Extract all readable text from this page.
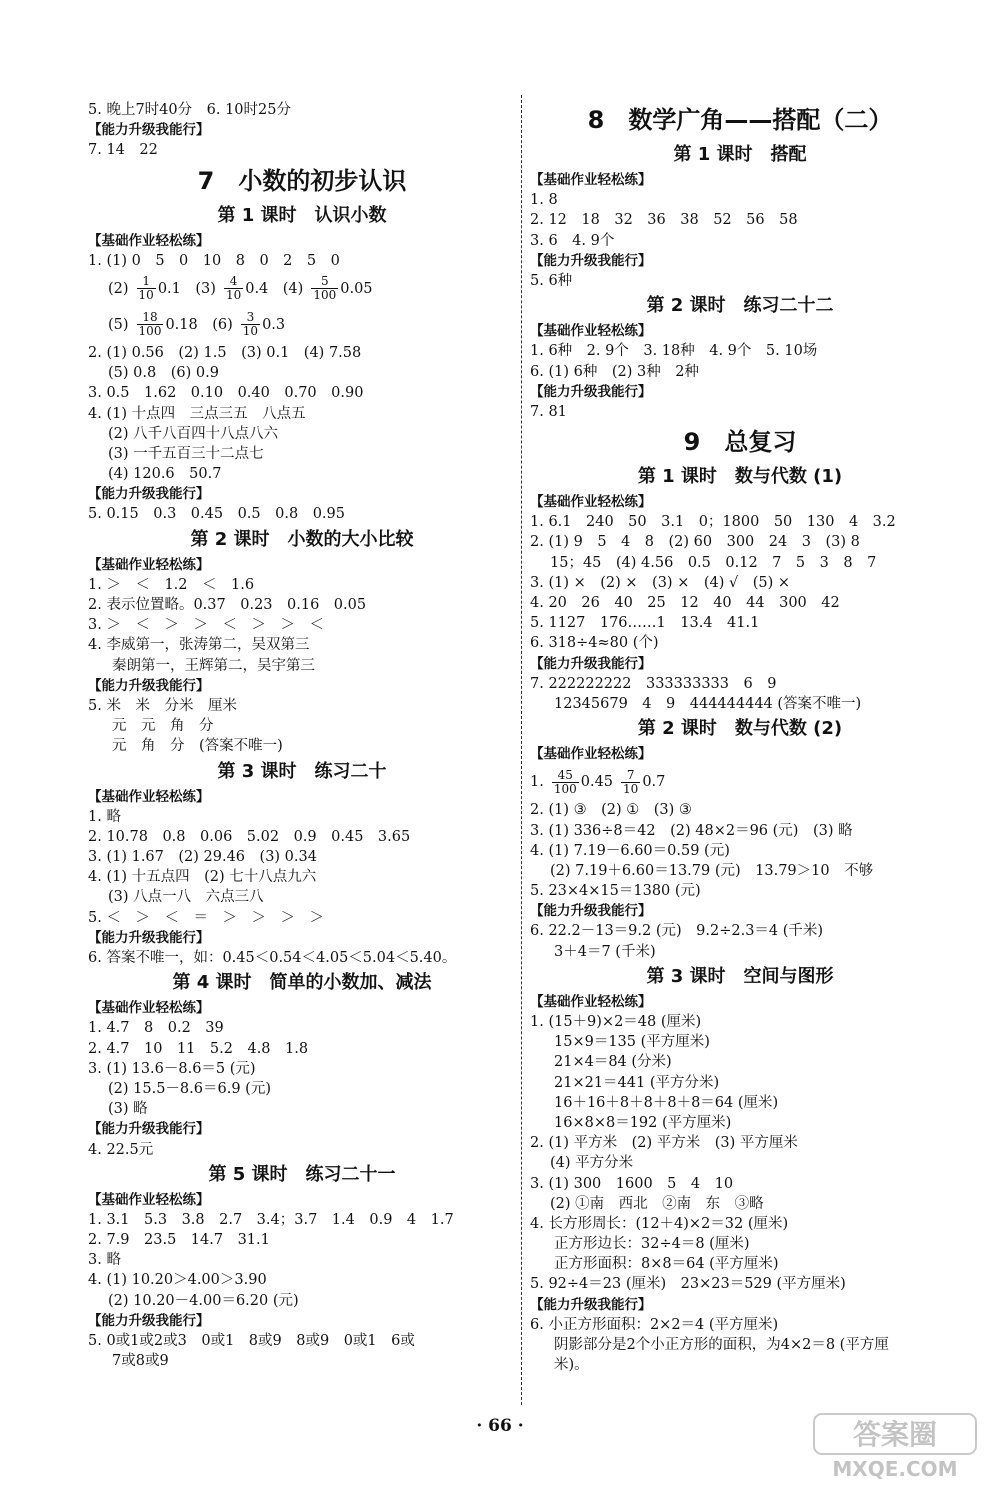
5. 晚上7时40分　6. 10时25分
【能力升级我能行】
7. 14　22
7　小数的初步认识
第 1 课时　认识小数
【基础作业轻松练】
1. (1) 0　5　0　10　8　0　2　5　0
$(2) \frac{1}{10} 0.1$　$(3) \frac{4}{10} 0.4$　$(4) \frac{5}{100} 0.05$
$(5) \frac{18}{100} 0.18$　$(6) \frac{3}{10} 0.3$
2. (1) 0.56　(2) 1.5　(3) 0.1　(4) 7.58
(5) 0.8　(6) 0.9
3. 0.5　1.62　0.10　0.40　0.70　0.90
4. (1) 十点四　三点三五　八点五
(2) 八千八百四十八点八六
(3) 一千五百三十二点七
(4) 120.6　50.7
【能力升级我能行】
5. 0.15　0.3　0.45　0.5　0.8　0.95
第 2 课时　小数的大小比较
【基础作业轻松练】
1. ＞　＜　1.2　＜　1.6
2. 表示位置略。0.37　0.23　0.16　0.05
3. ＞　＜　＞　＞　＜　＞　＞　＜
4. 李威第一，张涛第二，吴双第三
秦朗第一，王辉第二，吴宇第三
【能力升级我能行】
5. 米　米　分米　厘米
元　元　角　分
元　角　分　(答案不唯一)
第 3 课时　练习二十
【基础作业轻松练】
1. 略
2. 10.78　0.8　0.06　5.02　0.9　0.45　3.65
3. (1) 1.67　(2) 29.46　(3) 0.34
4. (1) 十五点四　(2) 七十八点九六
(3) 八点一八　六点三八
5. ＜　＞　＜　＝　＞　＞　＞　＞
【能力升级我能行】
6. 答案不唯一，如：0.45＜0.54＜4.05＜5.04＜5.40。
第 4 课时　简单的小数加、减法
【基础作业轻松练】
1. 4.7　8　0.2　39
2. 4.7　10　11　5.2　4.8　1.8
3. (1) 13.6－8.6＝5 (元)
(2) 15.5－8.6＝6.9 (元)
(3) 略
【能力升级我能行】
4. 22.5元
第 5 课时　练习二十一
【基础作业轻松练】
1. 3.1　5.3　3.8　2.7　3.4；3.7　1.4　0.9　4　1.7
2. 7.9　23.5　14.7　31.1
3. 略
4. (1) 10.20＞4.00＞3.90
(2) 10.20－4.00＝6.20 (元)
【能力升级我能行】
5. 0或1或2或3　0或1　8或9　8或9　0或1　6或
7或8或9
8　数学广角——搭配（二）
第 1 课时　搭配
【基础作业轻松练】
1. 8
2. 12　18　32　36　38　52　56　58
3. 6　4. 9个
【能力升级我能行】
5. 6种
第 2 课时　练习二十二
【基础作业轻松练】
1. 6种　2. 9个　3. 18种　4. 9个　5. 10场
6. (1) 6种　(2) 3种　2种
【能力升级我能行】
7. 81
9　总复习
第 1 课时　数与代数 (1)
【基础作业轻松练】
1. 6.1　240　50　3.1　0；1800　50　130　4　3.2
2. (1) 9　5　4　8　(2) 60　300　24　3　(3) 8
15；45　(4) 4.56　0.5　0.12　7　5　3　8　7
3. (1) ×　(2) ×　(3) ×　(4) √　(5) ×
4. 20　26　40　25　12　40　44　300　42
5. 1127　176……1　13.4　41.1
6. 318÷4≈80 (个)
【能力升级我能行】
7. 222222222　333333333　6　9
12345679　4　9　444444444 (答案不唯一)
第 2 课时　数与代数 (2)
【基础作业轻松练】
1. $\frac{45}{100} 0.45 \frac{7}{10} 0.7$
2. (1) ③　(2) ①　(3) ③
3. (1) 336÷8＝42　(2) 48×2＝96 (元)　(3) 略
4. (1) 7.19－6.60＝0.59 (元)
(2) 7.19＋6.60＝13.79 (元)　13.79＞10　不够
5. 23×4×15＝1380 (元)
【能力升级我能行】
6. 22.2－13＝9.2 (元)　9.2÷2.3＝4 (千米)
3＋4＝7 (千米)
第 3 课时　空间与图形
【基础作业轻松练】
1. (15＋9)×2＝48 (厘米)
15×9＝135 (平方厘米)
21×4＝84 (分米)
21×21＝441 (平方分米)
16＋16＋8＋8＋8＋8＝64 (厘米)
16×8×8＝192 (平方厘米)
2. (1) 平方米　(2) 平方米　(3) 平方厘米
(4) 平方分米
3. (1) 300　1600　5　4　10
(2) ①南　西北　②南　东　③略
4. 长方形周长：(12＋4)×2＝32 (厘米)
正方形边长：32÷4＝8 (厘米)
正方形面积：8×8＝64 (平方厘米)
5. 92÷4＝23 (厘米)　23×23＝529 (平方厘米)
【能力升级我能行】
6. 小正方形面积：2×2＝4 (平方厘米)
阴影部分是2个小正方形的面积，为4×2＝8 (平方厘
米)。
· 66 ·	答案圈
MXQE.COM
